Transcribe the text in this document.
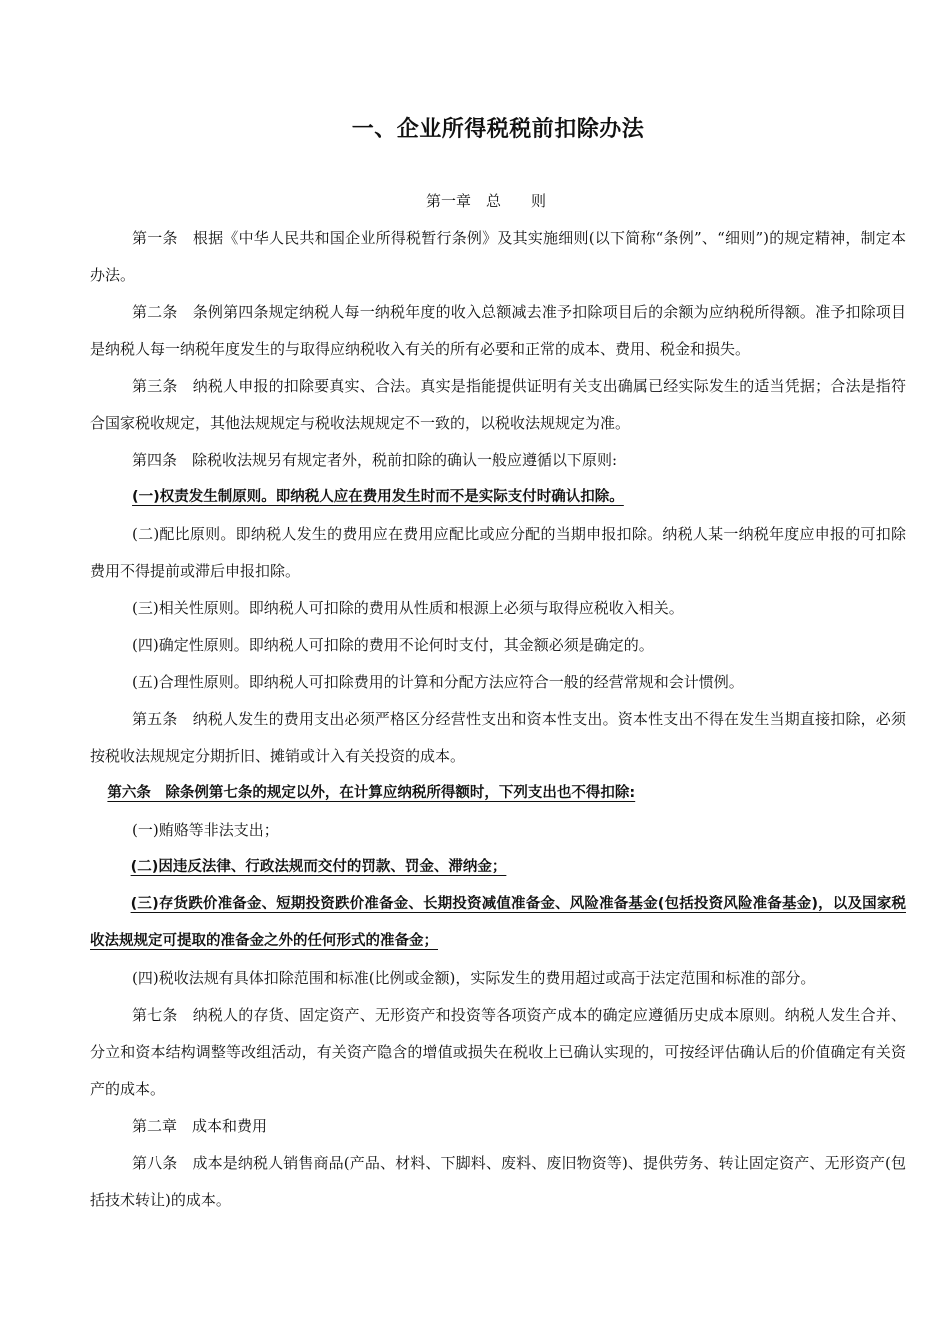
一、企业所得税税前扣除办法
第一章　总　　则

第一条　根据《中华人民共和国企业所得税暂行条例》及其实施细则(以下简称“条例”、“细则”)的规定精神，制定本办法。

第二条　条例第四条规定纳税人每一纳税年度的收入总额减去准予扣除项目后的余额为应纳税所得额。准予扣除项目是纳税人每一纳税年度发生的与取得应纳税收入有关的所有必要和正常的成本、费用、税金和损失。

第三条　纳税人申报的扣除要真实、合法。真实是指能提供证明有关支出确属已经实际发生的适当凭据；合法是指符合国家税收规定，其他法规规定与税收法规规定不一致的，以税收法规规定为准。

第四条　除税收法规另有规定者外，税前扣除的确认一般应遵循以下原则:

(一)权责发生制原则。即纳税人应在费用发生时而不是实际支付时确认扣除。

(二)配比原则。即纳税人发生的费用应在费用应配比或应分配的当期申报扣除。纳税人某一纳税年度应申报的可扣除费用不得提前或滞后申报扣除。

(三)相关性原则。即纳税人可扣除的费用从性质和根源上必须与取得应税收入相关。

(四)确定性原则。即纳税人可扣除的费用不论何时支付，其金额必须是确定的。

(五)合理性原则。即纳税人可扣除费用的计算和分配方法应符合一般的经营常规和会计惯例。

第五条　纳税人发生的费用支出必须严格区分经营性支出和资本性支出。资本性支出不得在发生当期直接扣除，必须按税收法规规定分期折旧、摊销或计入有关投资的成本。

第六条　除条例第七条的规定以外，在计算应纳税所得额时，下列支出也不得扣除:

(一)贿赂等非法支出；

(二)因违反法律、行政法规而交付的罚款、罚金、滞纳金；

(三)存货跌价准备金、短期投资跌价准备金、长期投资减值准备金、风险准备基金(包括投资风险准备基金)，以及国家税收法规规定可提取的准备金之外的任何形式的准备金；

(四)税收法规有具体扣除范围和标准(比例或金额)，实际发生的费用超过或高于法定范围和标准的部分。

第七条　纳税人的存货、固定资产、无形资产和投资等各项资产成本的确定应遵循历史成本原则。纳税人发生合并、分立和资本结构调整等改组活动，有关资产隐含的增值或损失在税收上已确认实现的，可按经评估确认后的价值确定有关资产的成本。

第二章　成本和费用

第八条　成本是纳税人销售商品(产品、材料、下脚料、废料、废旧物资等)、提供劳务、转让固定资产、无形资产(包括技术转让)的成本。
